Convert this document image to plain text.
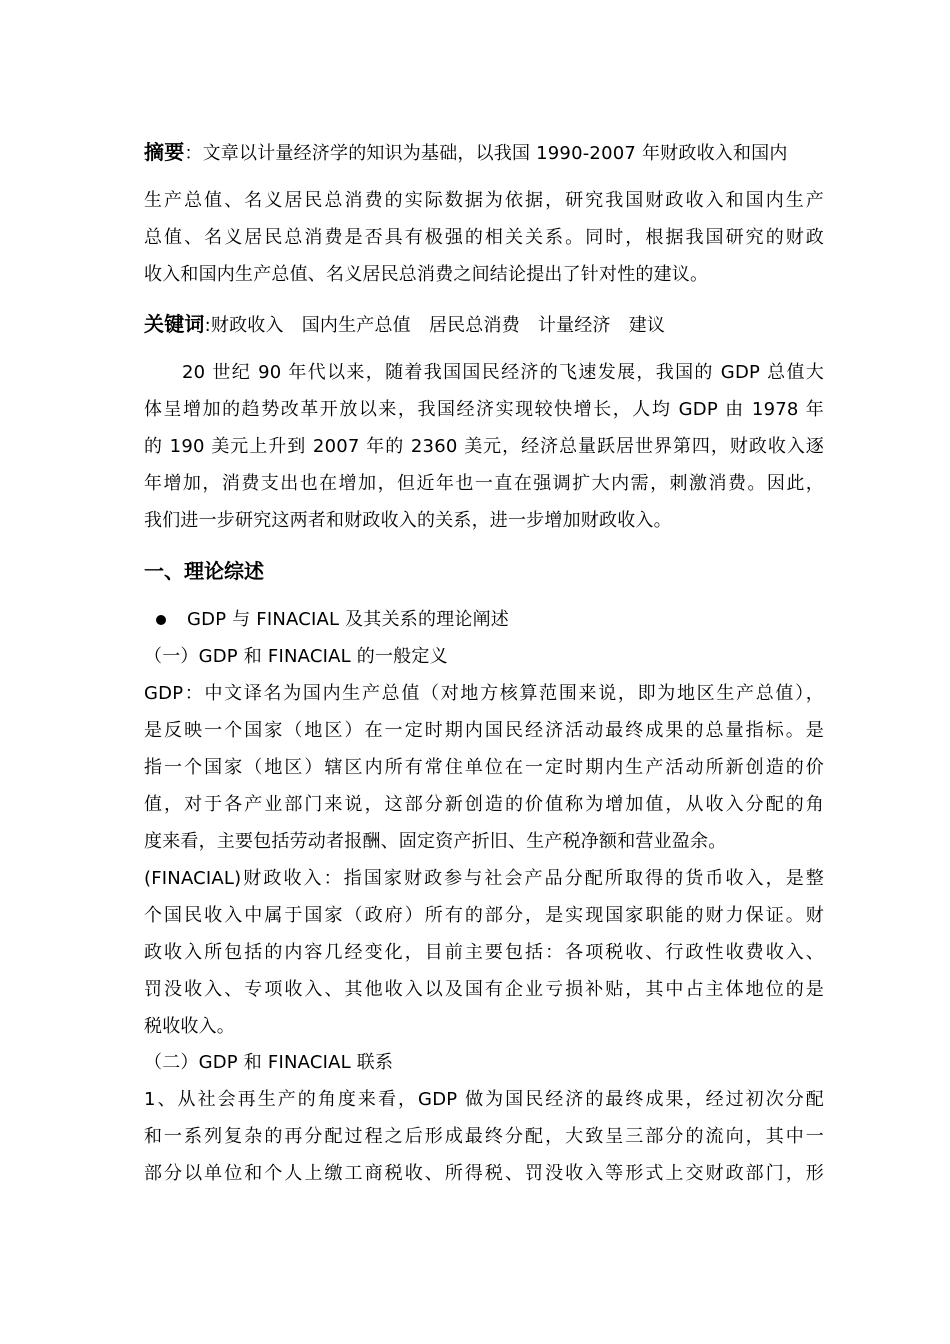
摘要：文章以计量经济学的知识为基础，以我国 1990-2007 年财政收入和国内
生产总值、名义居民总消费的实际数据为依据，研究我国财政收入和国内生产
总值、名义居民总消费是否具有极强的相关关系。同时，根据我国研究的财政
收入和国内生产总值、名义居民总消费之间结论提出了针对性的建议。
关键词:财政收入 国内生产总值 居民总消费 计量经济 建议
20 世纪 90 年代以来，随着我国国民经济的飞速发展，我国的 GDP 总值大
体呈增加的趋势改革开放以来，我国经济实现较快增长，人均 GDP 由 1978 年
的 190 美元上升到 2007 年的 2360 美元，经济总量跃居世界第四，财政收入逐
年增加，消费支出也在增加，但近年也一直在强调扩大内需，刺激消费。因此，
我们进一步研究这两者和财政收入的关系，进一步增加财政收入。
一、理论综述
GDP 与 FINACIAL 及其关系的理论阐述
（一）GDP 和 FINACIAL 的一般定义
GDP：中文译名为国内生产总值（对地方核算范围来说，即为地区生产总值），
是反映一个国家（地区）在一定时期内国民经济活动最终成果的总量指标。是
指一个国家（地区）辖区内所有常住单位在一定时期内生产活动所新创造的价
值，对于各产业部门来说，这部分新创造的价值称为增加值，从收入分配的角
度来看，主要包括劳动者报酬、固定资产折旧、生产税净额和营业盈余。
(FINACIAL)财政收入：指国家财政参与社会产品分配所取得的货币收入，是整
个国民收入中属于国家（政府）所有的部分，是实现国家职能的财力保证。财
政收入所包括的内容几经变化，目前主要包括：各项税收、行政性收费收入、
罚没收入、专项收入、其他收入以及国有企业亏损补贴，其中占主体地位的是
税收收入。
（二）GDP 和 FINACIAL 联系
1、从社会再生产的角度来看，GDP 做为国民经济的最终成果，经过初次分配
和一系列复杂的再分配过程之后形成最终分配，大致呈三部分的流向，其中一
部分以单位和个人上缴工商税收、所得税、罚没收入等形式上交财政部门，形
